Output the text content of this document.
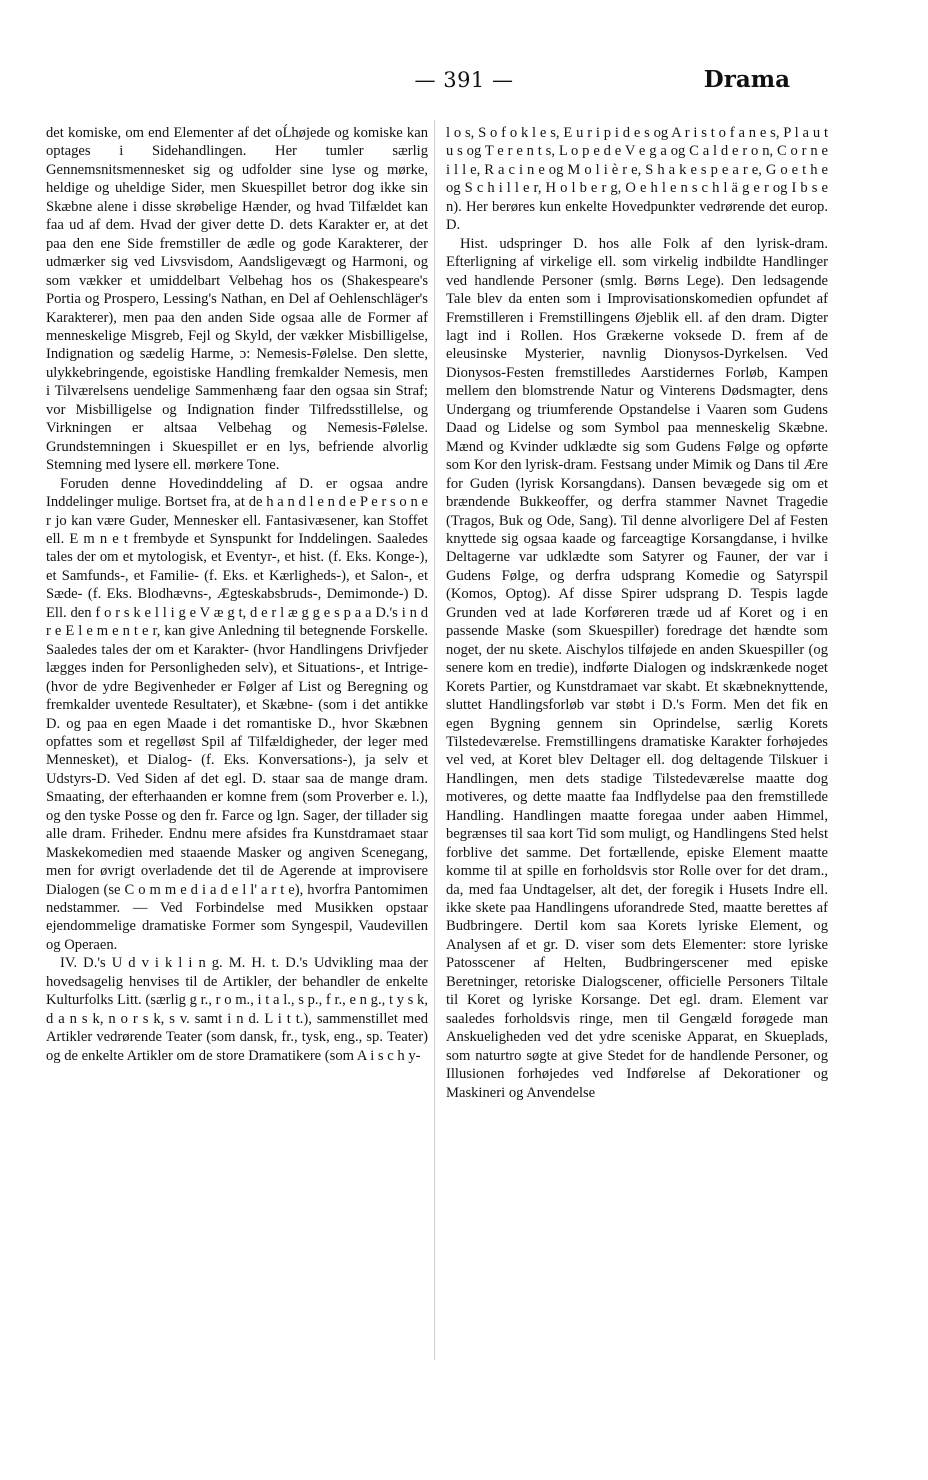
— 391 —	Drama

det komiske, om end Elementer af det oĹhøjede og komiske kan optages i Sidehandlingen. Her tumler særlig Gennemsnitsmennesket sig og udfolder sine lyse og mørke, heldige og uheldige Sider, men Skuespillet betror dog ikke sin Skæbne alene i disse skrøbelige Hænder, og hvad Tilfældet kan faa ud af dem. Hvad der giver dette D. dets Karakter er, at det paa den ene Side fremstiller de ædle og gode Karakterer, der udmærker sig ved Livsvisdom, Aandsligevægt og Harmoni, og som vækker et umiddelbart Velbehag hos os (Shakespeare's Portia og Prospero, Lessing's Nathan, en Del af Oehlenschläger's Karakterer), men paa den anden Side ogsaa alle de Former af menneskelige Misgreb, Fejl og Skyld, der vækker Misbilligelse, Indignation og sædelig Harme, ɔ: Nemesis-Følelse. Den slette, ulykkebringende, egoistiske Handling fremkalder Nemesis, men i Tilværelsens uendelige Sammenhæng faar den ogsaa sin Straf; vor Misbilligelse og Indignation finder Tilfredsstillelse, og Virkningen er altsaa Velbehag og Nemesis-Følelse. Grundstemningen i Skuespillet er en lys, befriende alvorlig Stemning med lysere ell. mørkere Tone.

Foruden denne Hovedinddeling af D. er ogsaa andre Inddelinger mulige. Bortset fra, at de h a n d l e n d e P e r s o n e r jo kan være Guder, Mennesker ell. Fantasivæsener, kan Stoffet ell. E m n e t frembyde et Synspunkt for Inddelingen. Saaledes tales der om et mytologisk, et Eventyr-, et hist. (f. Eks. Konge-), et Samfunds-, et Familie- (f. Eks. et Kærligheds-), et Salon-, et Sæde- (f. Eks. Blodhævns-, Ægteskabsbruds-, Demimonde-) D. Ell. den f o r s k e l l i g e V æ g t, d e r l æ g g e s p a a D.'s i n d r e E l e m e n t e r, kan give Anledning til betegnende Forskelle. Saaledes tales der om et Karakter- (hvor Handlingens Drivfjeder lægges inden for Personligheden selv), et Situations-, et Intrige- (hvor de ydre Begivenheder er Følger af List og Beregning og fremkalder uventede Resultater), et Skæbne- (som i det antikke D. og paa en egen Maade i det romantiske D., hvor Skæbnen opfattes som et regelløst Spil af Tilfældigheder, der leger med Mennesket), et Dialog- (f. Eks. Konversations-), ja selv et Udstyrs-D. Ved Siden af det egl. D. staar saa de mange dram. Smaating, der efterhaanden er komne frem (som Proverber e. l.), og den tyske Posse og den fr. Farce og lgn. Sager, der tillader sig alle dram. Friheder. Endnu mere afsides fra Kunstdramaet staar Maskekomedien med staaende Masker og angiven Scenegang, men for øvrigt overladende det til de Agerende at improvisere Dialogen (se C o m m e d i a d e l l' a r t e), hvorfra Pantomimen nedstammer. — Ved Forbindelse med Musikken opstaar ejendommelige dramatiske Former som Syngespil, Vaudevillen og Operaen.

IV. D.'s U d v i k l i n g. M. H. t. D.'s Udvikling maa der hovedsagelig henvises til de Artikler, der behandler de enkelte Kulturfolks Litt. (særlig g r., r o m., i t a l., s p., f r., e n g., t y s k, d a n s k, n o r s k, s v. samt i n d. L i t t.), sammenstillet med Artikler vedrørende Teater (som dansk, fr., tysk, eng., sp. Teater) og de enkelte Artikler om de store Dramatikere (som A i s c h y-

l o s, S o f o k l e s, E u r i p i d e s og A r i s t o f a n e s, P l a u t u s og T e r e n t s, L o p e d e V e g a og C a l d e r o n, C o r n e i l l e, R a c i n e og M o l i è r e, S h a k e s p e a r e, G o e t h e og S c h i l l e r, H o l b e r g, O e h l e n s c h l ä g e r og I b s e n). Her berøres kun enkelte Hovedpunkter vedrørende det europ. D.

Hist. udspringer D. hos alle Folk af den lyrisk-dram. Efterligning af virkelige ell. som virkelig indbildte Handlinger ved handlende Personer (smlg. Børns Lege). Den ledsagende Tale blev da enten som i Improvisationskomedien opfundet af Fremstilleren i Fremstillingens Øjeblik ell. af den dram. Digter lagt ind i Rollen. Hos Grækerne voksede D. frem af de eleusinske Mysterier, navnlig Dionysos-Dyrkelsen. Ved Dionysos-Festen fremstilledes Aarstidernes Forløb, Kampen mellem den blomstrende Natur og Vinterens Dødsmagter, dens Undergang og triumferende Opstandelse i Vaaren som Gudens Daad og Lidelse og som Symbol paa menneskelig Skæbne. Mænd og Kvinder udklædte sig som Gudens Følge og opførte som Kor den lyrisk-dram. Festsang under Mimik og Dans til Ære for Guden (lyrisk Korsangdans). Dansen bevægede sig om et brændende Bukkeoffer, og derfra stammer Navnet Tragedie (Tragos, Buk og Ode, Sang). Til denne alvorligere Del af Festen knyttede sig ogsaa kaade og farceagtige Korsangdanse, i hvilke Deltagerne var udklædte som Satyrer og Fauner, der var i Gudens Følge, og derfra udsprang Komedie og Satyrspil (Komos, Optog). Af disse Spirer udsprang D. Tespis lagde Grunden ved at lade Korføreren træde ud af Koret og i en passende Maske (som Skuespiller) foredrage det hændte som noget, der nu skete. Aischylos tilføjede en anden Skuespiller (og senere kom en tredie), indførte Dialogen og indskrænkede noget Korets Partier, og Kunstdramaet var skabt. Et skæbneknyttende, sluttet Handlingsforløb var støbt i D.'s Form. Men det fik en egen Bygning gennem sin Oprindelse, særlig Korets Tilstedeværelse. Fremstillingens dramatiske Karakter forhøjedes vel ved, at Koret blev Deltager ell. dog deltagende Tilskuer i Handlingen, men dets stadige Tilstedeværelse maatte dog motiveres, og dette maatte faa Indflydelse paa den fremstillede Handling. Handlingen maatte foregaa under aaben Himmel, begrænses til saa kort Tid som muligt, og Handlingens Sted helst forblive det samme. Det fortællende, episke Element maatte komme til at spille en forholdsvis stor Rolle over for det dram., da, med faa Undtagelser, alt det, der foregik i Husets Indre ell. ikke skete paa Handlingens uforandrede Sted, maatte berettes af Budbringere. Dertil kom saa Korets lyriske Element, og Analysen af et gr. D. viser som dets Elementer: store lyriske Patosscener af Helten, Budbringerscener med episke Beretninger, retoriske Dialogscener, officielle Personers Tiltale til Koret og lyriske Korsange. Det egl. dram. Element var saaledes forholdsvis ringe, men til Gengæld forøgede man Anskueligheden ved det ydre sceniske Apparat, en Skueplads, som naturtro søgte at give Stedet for de handlende Personer, og Illusionen forhøjedes ved Indførelse af Dekorationer og Maskineri og Anvendelse
